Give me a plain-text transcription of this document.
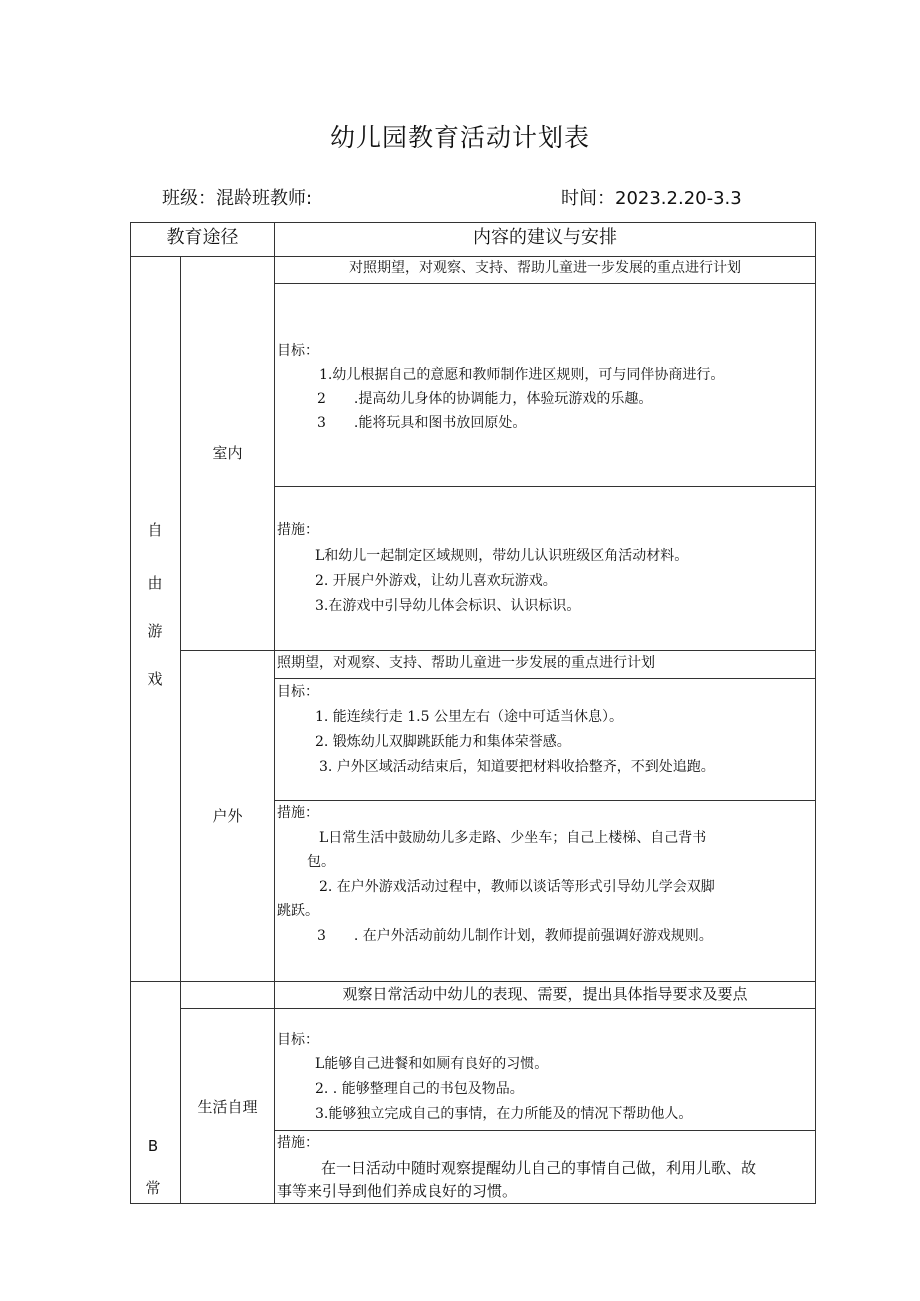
幼儿园教育活动计划表
班级：混龄班教师:	时间：2023.2.20-3.3
教育途径	内容的建议与安排
自
由
游
戏
室内
对照期望，对观察、支持、帮助儿童进一步发展的重点进行计划
目标：
1.幼儿根据自己的意愿和教师制作进区规则，可与同伴协商进行。
2　　.提高幼儿身体的协调能力，体验玩游戏的乐趣。
3　　.能将玩具和图书放回原处。
措施：
L和幼儿一起制定区域规则，带幼儿认识班级区角活动材料。
2. 开展户外游戏，让幼儿喜欢玩游戏。
3.在游戏中引导幼儿体会标识、认识标识。
户外
照期望，对观察、支持、帮助儿童进一步发展的重点进行计划
目标：
1. 能连续行走 1.5 公里左右（途中可适当休息）。
2. 锻炼幼儿双脚跳跃能力和集体荣誉感。
3. 户外区域活动结束后，知道要把材料收拾整齐，不到处追跑。
措施：
L日常生活中鼓励幼儿多走路、少坐车；自己上楼梯、自己背书
包。
2. 在户外游戏活动过程中，教师以谈话等形式引导幼儿学会双脚
跳跃。
3　　. 在户外活动前幼儿制作计划，教师提前强调好游戏规则。
B
常
观察日常活动中幼儿的表现、需要，提出具体指导要求及要点
生活自理
目标：
L能够自己进餐和如厕有良好的习惯。
2. . 能够整理自己的书包及物品。
3.能够独立完成自己的事情，在力所能及的情况下帮助他人。
措施：
在一日活动中随时观察提醒幼儿自己的事情自己做，利用儿歌、故
事等来引导到他们养成良好的习惯。
